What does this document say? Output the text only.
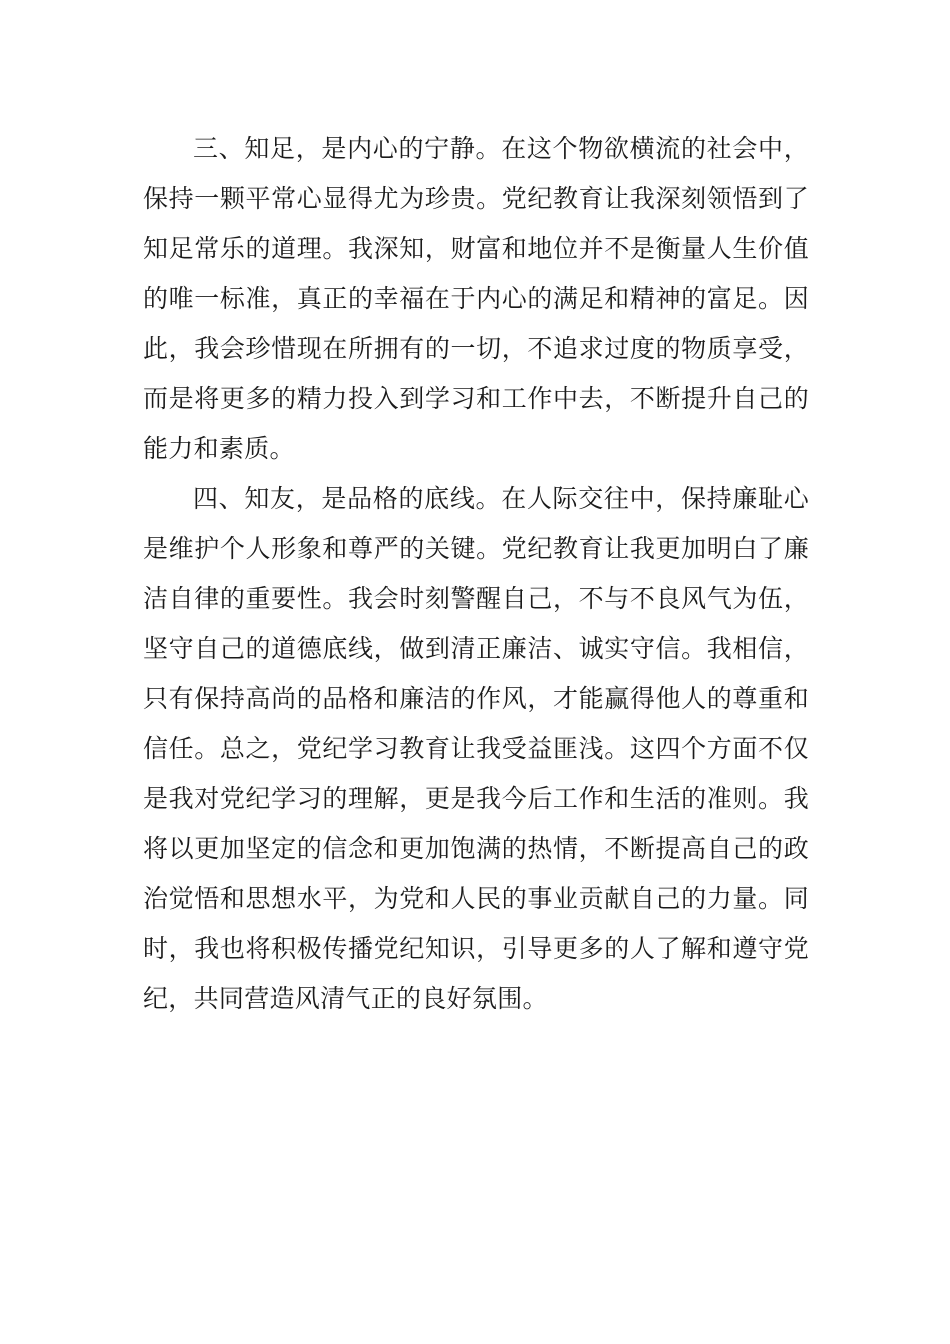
三、知足，是内心的宁静。在这个物欲横流的社会中，保持一颗平常心显得尤为珍贵。党纪教育让我深刻领悟到了知足常乐的道理。我深知，财富和地位并不是衡量人生价值的唯一标准，真正的幸福在于内心的满足和精神的富足。因此，我会珍惜现在所拥有的一切，不追求过度的物质享受，而是将更多的精力投入到学习和工作中去，不断提升自己的能力和素质。

四、知友，是品格的底线。在人际交往中，保持廉耻心是维护个人形象和尊严的关键。党纪教育让我更加明白了廉洁自律的重要性。我会时刻警醒自己，不与不良风气为伍，坚守自己的道德底线，做到清正廉洁、诚实守信。我相信，只有保持高尚的品格和廉洁的作风，才能赢得他人的尊重和信任。总之，党纪学习教育让我受益匪浅。这四个方面不仅是我对党纪学习的理解，更是我今后工作和生活的准则。我将以更加坚定的信念和更加饱满的热情，不断提高自己的政治觉悟和思想水平，为党和人民的事业贡献自己的力量。同时，我也将积极传播党纪知识，引导更多的人了解和遵守党纪，共同营造风清气正的良好氛围。
